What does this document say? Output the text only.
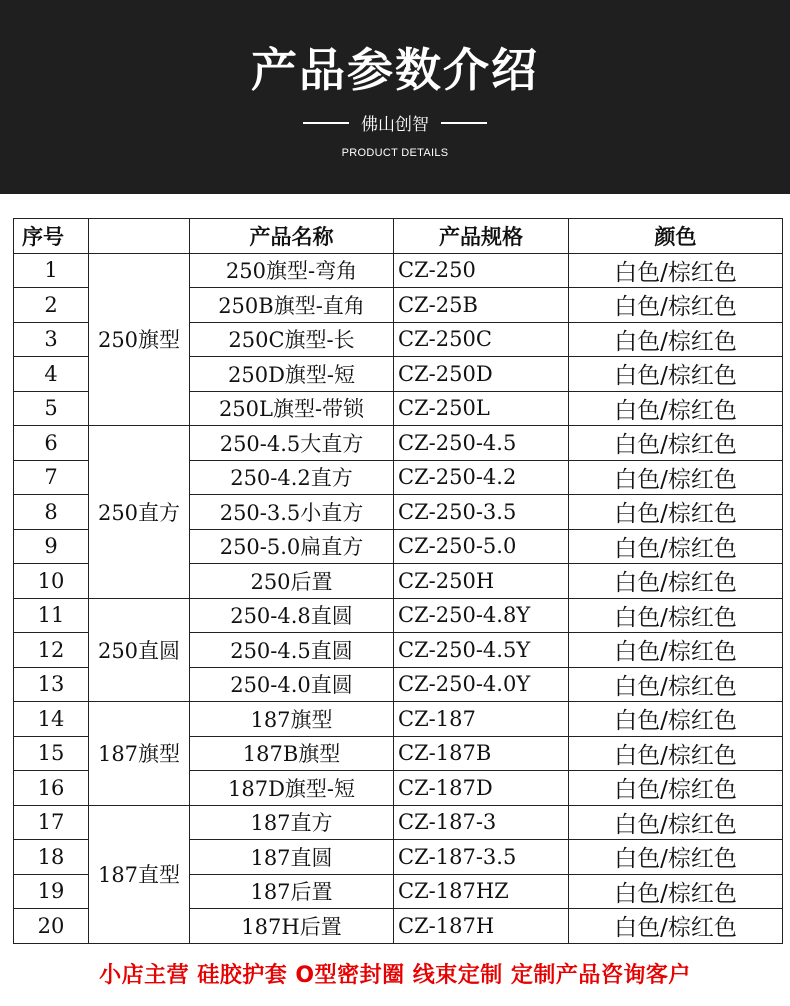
产品参数介绍
佛山创智
PRODUCT DETAILS
序号		产品名称	产品规格	颜色
1	250旗型	250旗型-弯角	CZ-250	白色/棕红色
2		250B旗型-直角	CZ-25B	白色/棕红色
3		250C旗型-长	CZ-250C	白色/棕红色
4		250D旗型-短	CZ-250D	白色/棕红色
5		250L旗型-带锁	CZ-250L	白色/棕红色
6	250直方	250-4.5大直方	CZ-250-4.5	白色/棕红色
7		250-4.2直方	CZ-250-4.2	白色/棕红色
8		250-3.5小直方	CZ-250-3.5	白色/棕红色
9		250-5.0扁直方	CZ-250-5.0	白色/棕红色
10		250后置	CZ-250H	白色/棕红色
11	250直圆	250-4.8直圆	CZ-250-4.8Y	白色/棕红色
12		250-4.5直圆	CZ-250-4.5Y	白色/棕红色
13		250-4.0直圆	CZ-250-4.0Y	白色/棕红色
14	187旗型	187旗型	CZ-187	白色/棕红色
15		187B旗型	CZ-187B	白色/棕红色
16		187D旗型-短	CZ-187D	白色/棕红色
17	187直型	187直方	CZ-187-3	白色/棕红色
18		187直圆	CZ-187-3.5	白色/棕红色
19		187后置	CZ-187HZ	白色/棕红色
20		187H后置	CZ-187H	白色/棕红色
小店主营 硅胶护套 O型密封圈 线束定制 定制产品咨询客户
